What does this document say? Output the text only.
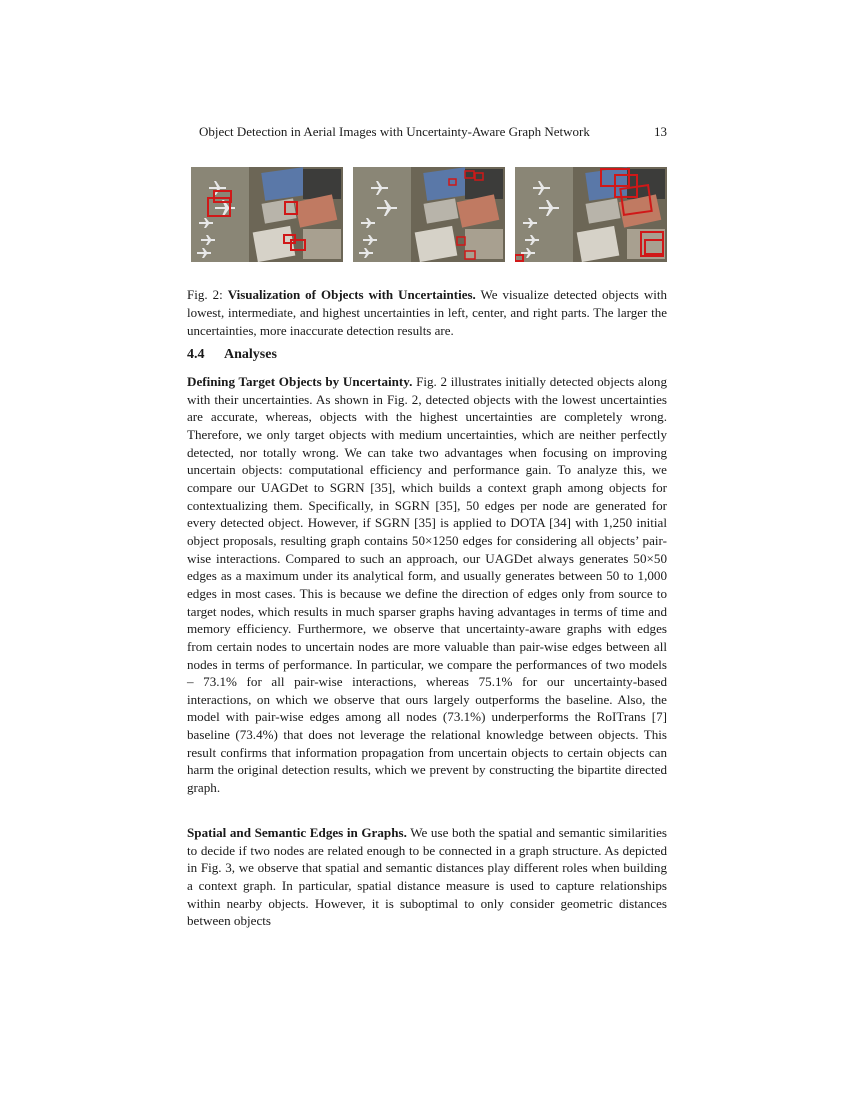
Object Detection in Aerial Images with Uncertainty-Aware Graph Network	13
Fig. 2: Visualization of Objects with Uncertainties. We visualize detected objects with lowest, intermediate, and highest uncertainties in left, center, and right parts. The larger the uncertainties, more inaccurate detection results are.
4.4 Analyses
Defining Target Objects by Uncertainty. Fig. 2 illustrates initially detected objects along with their uncertainties. As shown in Fig. 2, detected objects with the lowest uncertainties are accurate, whereas, objects with the highest uncertainties are completely wrong. Therefore, we only target objects with medium uncertainties, which are neither perfectly detected, nor totally wrong. We can take two advantages when focusing on improving uncertain objects: computational efficiency and performance gain. To analyze this, we compare our UAGDet to SGRN [35], which builds a context graph among objects for contextualizing them. Specifically, in SGRN [35], 50 edges per node are generated for every detected object. However, if SGRN [35] is applied to DOTA [34] with 1,250 initial object proposals, resulting graph contains 50×1250 edges for considering all objects’ pair-wise interactions. Compared to such an approach, our UAGDet always generates 50×50 edges as a maximum under its analytical form, and usually generates between 50 to 1,000 edges in most cases. This is because we define the direction of edges only from source to target nodes, which results in much sparser graphs having advantages in terms of time and memory efficiency. Furthermore, we observe that uncertainty-aware graphs with edges from certain nodes to uncertain nodes are more valuable than pair-wise edges between all nodes in terms of performance. In particular, we compare the performances of two models – 73.1% for all pair-wise interactions, whereas 75.1% for our uncertainty-based interactions, on which we observe that ours largely outperforms the baseline. Also, the model with pair-wise edges among all nodes (73.1%) underperforms the RoITrans [7] baseline (73.4%) that does not leverage the relational knowledge between objects. This result confirms that information propagation from uncertain objects to certain objects can harm the original detection results, which we prevent by constructing the bipartite directed graph.
Spatial and Semantic Edges in Graphs. We use both the spatial and semantic similarities to decide if two nodes are related enough to be connected in a graph structure. As depicted in Fig. 3, we observe that spatial and semantic distances play different roles when building a context graph. In particular, spatial distance measure is used to capture relationships within nearby objects. However, it is suboptimal to only consider geometric distances between objects
